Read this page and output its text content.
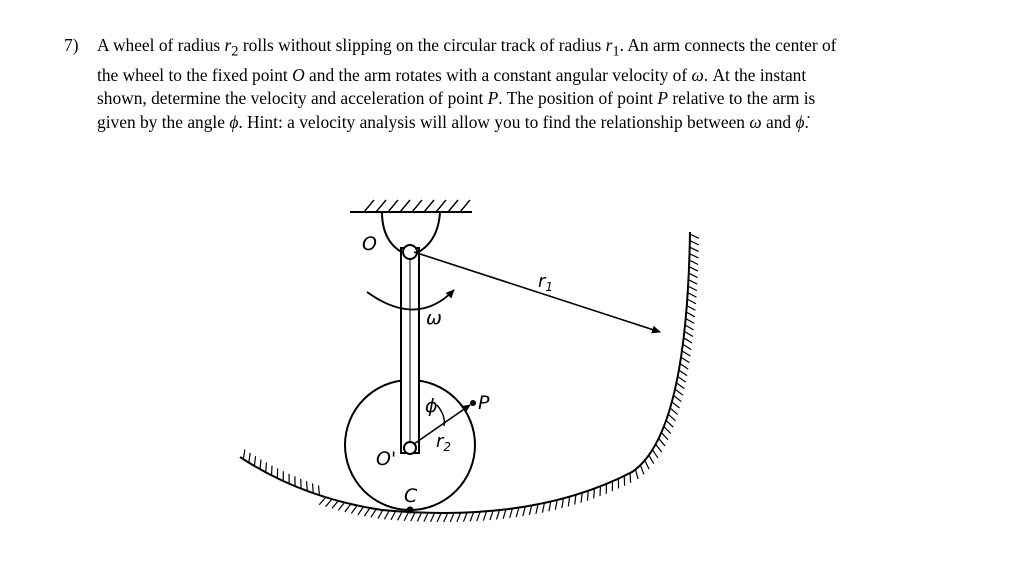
7)	A wheel of radius $r_2$ rolls without slipping on the circular track of radius $r_1$. An arm connects the center of the wheel to the fixed point O and the arm rotates with a constant angular velocity of ω. At the instant shown, determine the velocity and acceleration of point P. The position of point P relative to the arm is given by the angle ϕ. Hint: a velocity analysis will allow you to find the relationship between ω and ϕ̇.
O
ω
$r_1$
ϕ P
O'
$r_2$
C
